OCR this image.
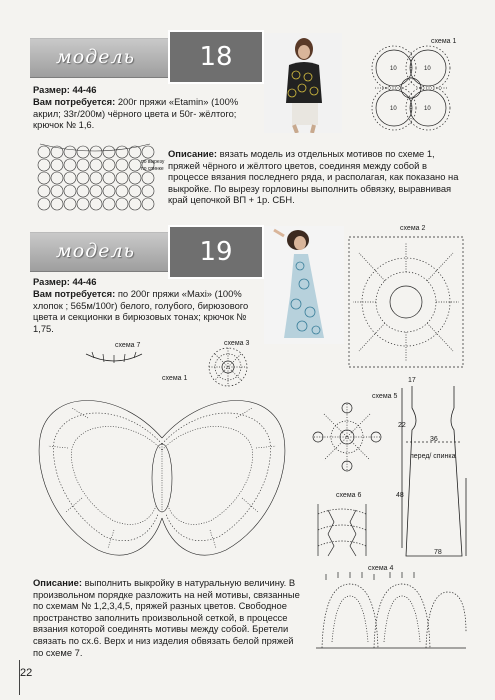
модель	18
схема 1
10	10
10	10
Размер: 44-46
Вам потребуется: 200г пряжи «Etamin» (100% акрил; 33г/200м) чёрного цвета и 50г- жёлтого; крючок № 1,6.
по вырезу
по спинке
Описание: вязать модель из отдельных мотивов по схеме 1, пряжей чёрного и жёлтого цветов, соединяя между собой в процессе вязания последнего ряда, и располагая, как показано на выкройке. По вырезу горловины выполнить обвязку, выравнивая край цепочкой ВП + 1р. СБН.
модель	19
схема 2
Размер: 44-46
Вам потребуется: по 200г пряжи «Maxi» (100% хлопок ; 565м/100г) белого, голубого, бирюзового цвета и секционки в бирюзовых тонах; крючок № 1,75.
схема 7	схема 3
схема 1
схема 5
схема 6
17
22
36
перед/ спинка
48
78
схема 4
Описание: выполнить выкройку в натуральную величину. В произвольном порядке разложить на ней мотивы, связанные по схемам № 1,2,3,4,5, пряжей разных цветов. Свободное пространство заполнить произвольной сеткой, в процессе вязания которой соединять мотивы между собой. Бретели связать по сх.6. Верх и низ изделия обвязать белой пряжей по схеме 7.
22
